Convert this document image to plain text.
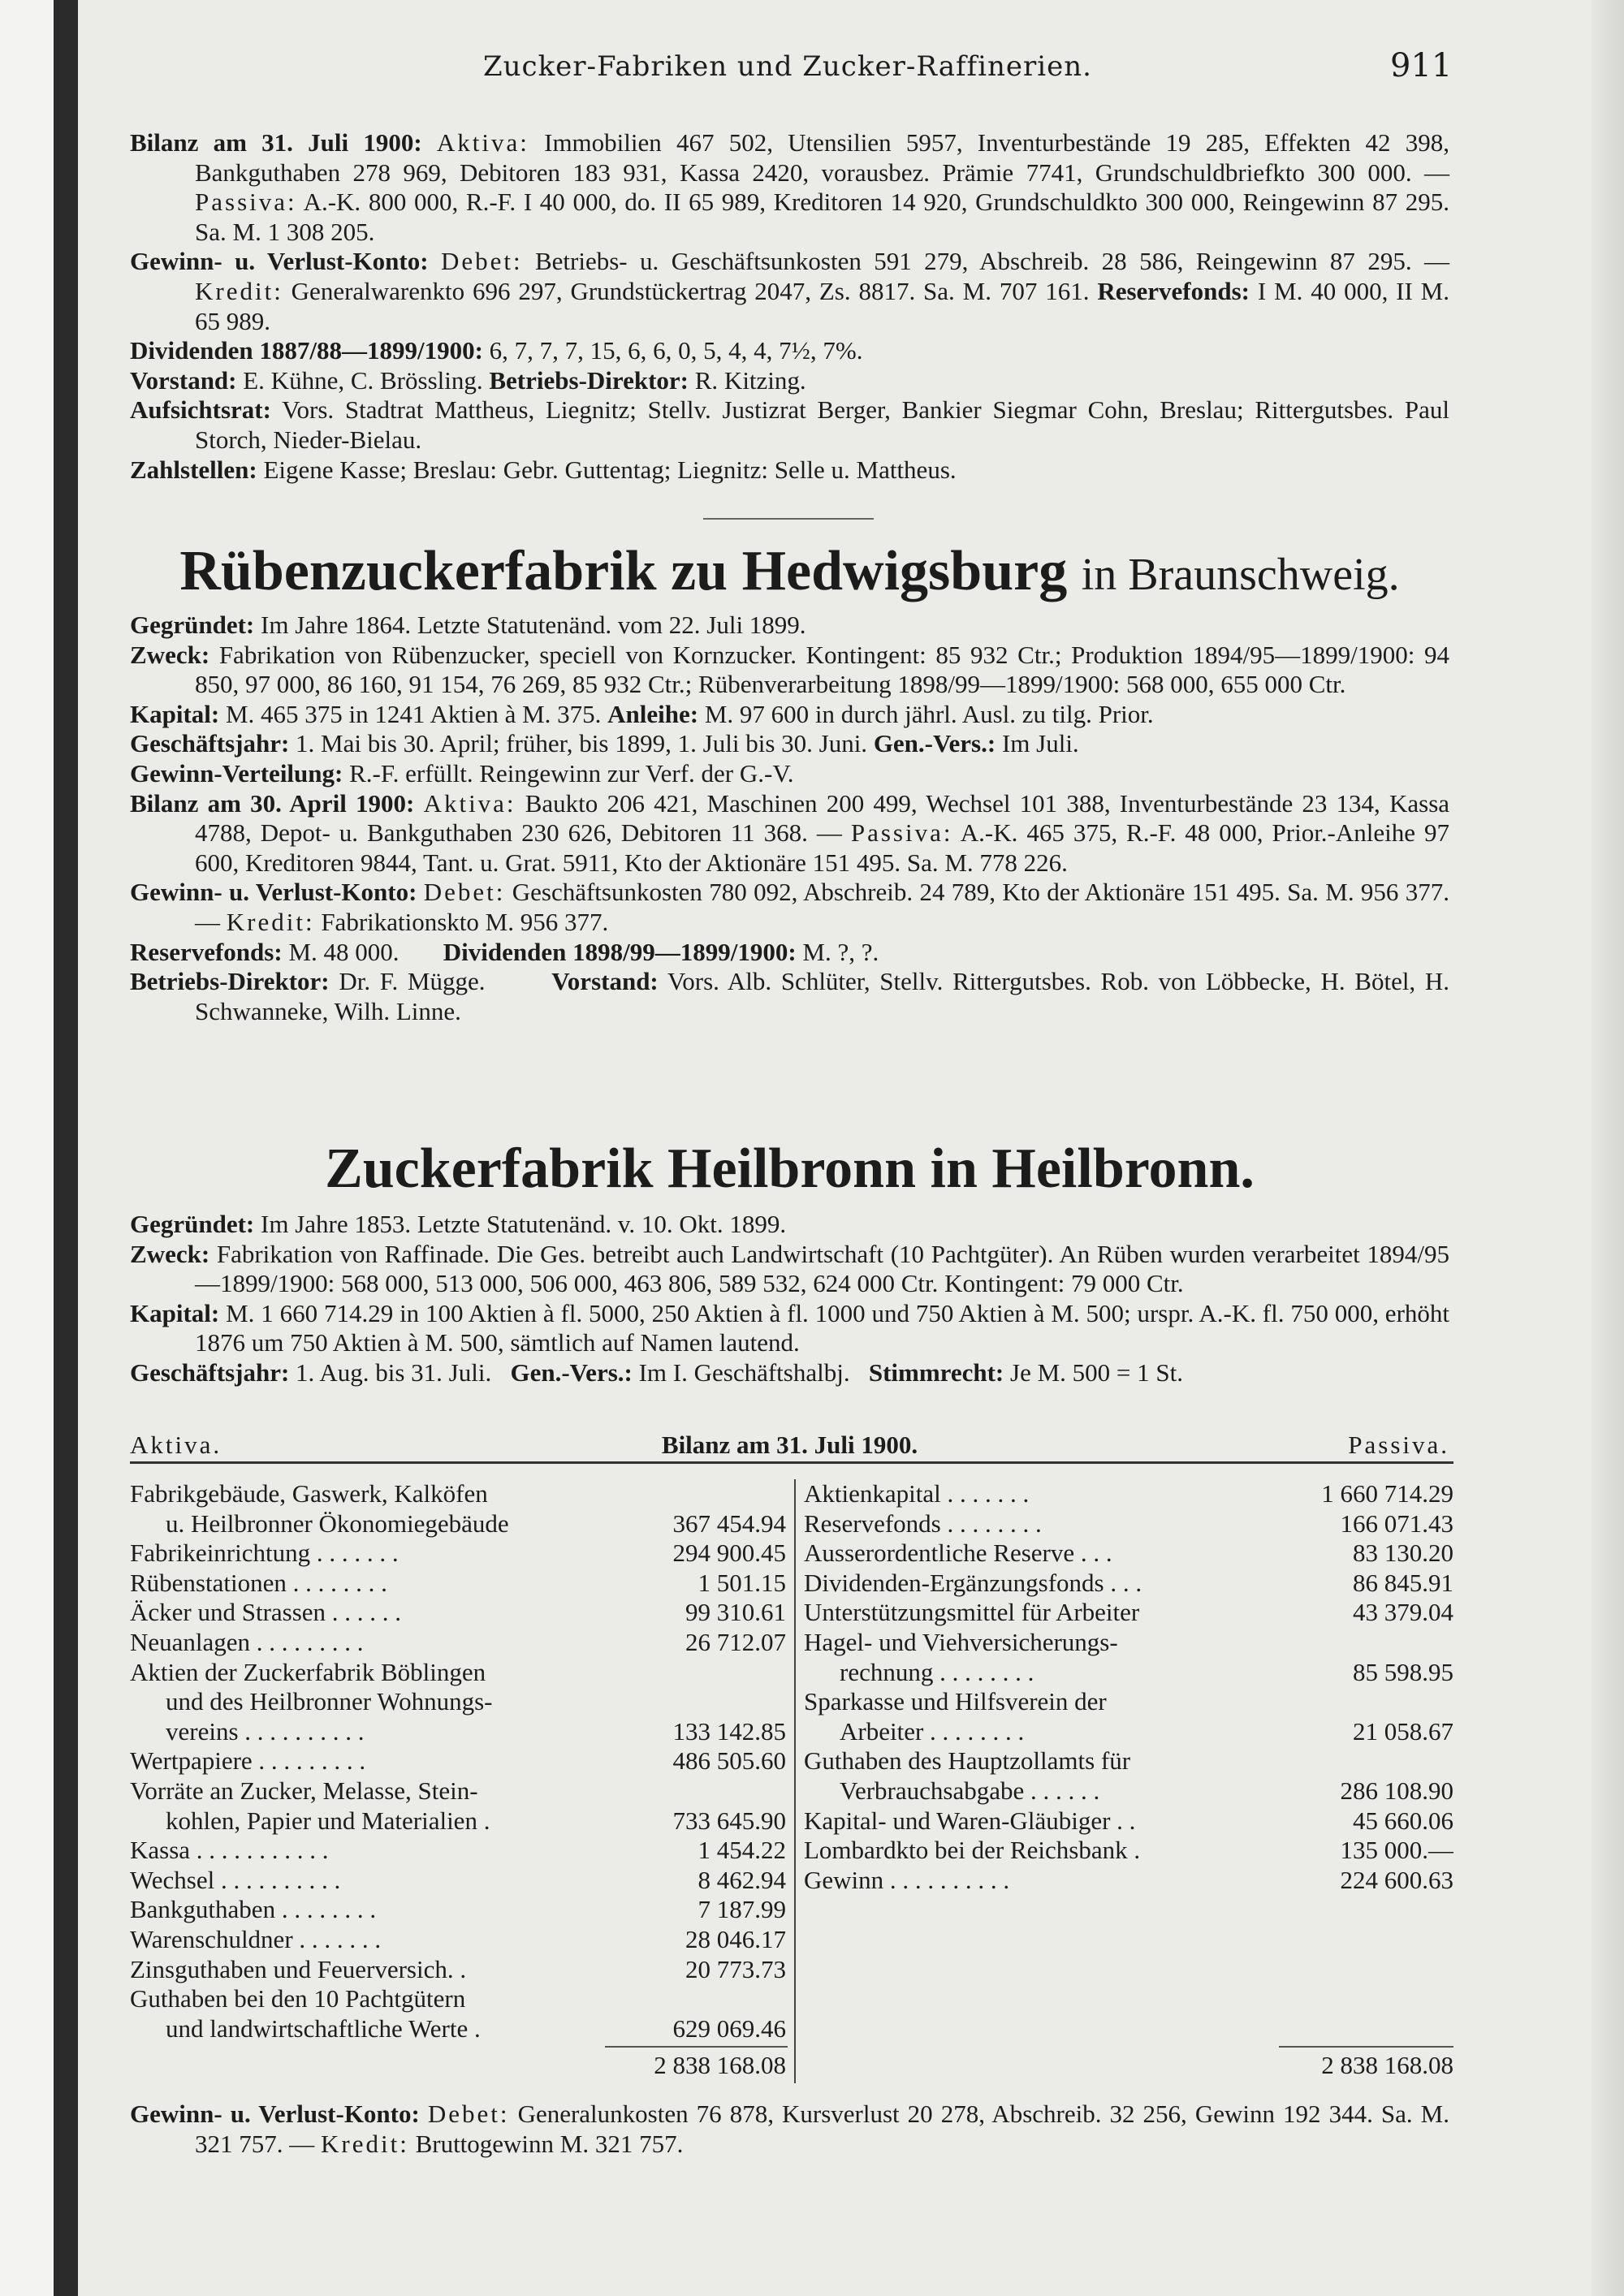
Zucker-Fabriken und Zucker-Raffinerien.	911

Bilanz am 31. Juli 1900: Aktiva: Immobilien 467 502, Utensilien 5957, Inventurbestände 19 285, Effekten 42 398, Bankguthaben 278 969, Debitoren 183 931, Kassa 2420, vorausbez. Prämie 7741, Grundschuldbriefkto 300 000. — Passiva: A.-K. 800 000, R.-F. I 40 000, do. II 65 989, Kreditoren 14 920, Grundschuldkto 300 000, Reingewinn 87 295. Sa. M. 1 308 205.

Gewinn- u. Verlust-Konto: Debet: Betriebs- u. Geschäftsunkosten 591 279, Abschreib. 28 586, Reingewinn 87 295. — Kredit: Generalwarenkto 696 297, Grundstückertrag 2047, Zs. 8817. Sa. M. 707 161. Reservefonds: I M. 40 000, II M. 65 989.

Dividenden 1887/88—1899/1900: 6, 7, 7, 7, 15, 6, 6, 0, 5, 4, 4, 7½, 7%.

Vorstand: E. Kühne, C. Brössling. Betriebs-Direktor: R. Kitzing.

Aufsichtsrat: Vors. Stadtrat Mattheus, Liegnitz; Stellv. Justizrat Berger, Bankier Siegmar Cohn, Breslau; Rittergutsbes. Paul Storch, Nieder-Bielau.

Zahlstellen: Eigene Kasse; Breslau: Gebr. Guttentag; Liegnitz: Selle u. Mattheus.

Rübenzuckerfabrik zu Hedwigsburg in Braunschweig.

Gegründet: Im Jahre 1864. Letzte Statutenänd. vom 22. Juli 1899.

Zweck: Fabrikation von Rübenzucker, speciell von Kornzucker. Kontingent: 85 932 Ctr.; Produktion 1894/95—1899/1900: 94 850, 97 000, 86 160, 91 154, 76 269, 85 932 Ctr.; Rübenverarbeitung 1898/99—1899/1900: 568 000, 655 000 Ctr.

Kapital: M. 465 375 in 1241 Aktien à M. 375. Anleihe: M. 97 600 in durch jährl. Ausl. zu tilg. Prior.

Geschäftsjahr: 1. Mai bis 30. April; früher, bis 1899, 1. Juli bis 30. Juni. Gen.-Vers.: Im Juli.

Gewinn-Verteilung: R.-F. erfüllt. Reingewinn zur Verf. der G.-V.

Bilanz am 30. April 1900: Aktiva: Baukto 206 421, Maschinen 200 499, Wechsel 101 388, Inventurbestände 23 134, Kassa 4788, Depot- u. Bankguthaben 230 626, Debitoren 11 368. — Passiva: A.-K. 465 375, R.-F. 48 000, Prior.-Anleihe 97 600, Kreditoren 9844, Tant. u. Grat. 5911, Kto der Aktionäre 151 495. Sa. M. 778 226.

Gewinn- u. Verlust-Konto: Debet: Geschäftsunkosten 780 092, Abschreib. 24 789, Kto der Aktionäre 151 495. Sa. M. 956 377. — Kredit: Fabrikationskto M. 956 377.

Reservefonds: M. 48 000. Dividenden 1898/99—1899/1900: M. ?, ?.

Betriebs-Direktor: Dr. F. Mügge.	Vorstand: Vors. Alb. Schlüter, Stellv. Rittergutsbes. Rob. von Löbbecke, H. Bötel, H. Schwanneke, Wilh. Linne.

Zuckerfabrik Heilbronn in Heilbronn.

Gegründet: Im Jahre 1853. Letzte Statutenänd. v. 10. Okt. 1899.

Zweck: Fabrikation von Raffinade. Die Ges. betreibt auch Landwirtschaft (10 Pachtgüter). An Rüben wurden verarbeitet 1894/95—1899/1900: 568 000, 513 000, 506 000, 463 806, 589 532, 624 000 Ctr. Kontingent: 79 000 Ctr.

Kapital: M. 1 660 714.29 in 100 Aktien à fl. 5000, 250 Aktien à fl. 1000 und 750 Aktien à M. 500; urspr. A.-K. fl. 750 000, erhöht 1876 um 750 Aktien à M. 500, sämtlich auf Namen lautend.

Geschäftsjahr: 1. Aug. bis 31. Juli. Gen.-Vers.: Im I. Geschäftshalbj. Stimmrecht: Je M. 500 = 1 St.

Aktiva.	Bilanz am 31. Juli 1900.	Passiva.
Fabrikgebäude, Gaswerk, Kalköfen
u. Heilbronner Ökonomiegebäude	367 454.94
Fabrikeinrichtung . . . . . . .	294 900.45
Rübenstationen . . . . . . . .	1 501.15
Äcker und Strassen . . . . . .	99 310.61
Neuanlagen . . . . . . . . .	26 712.07
Aktien der Zuckerfabrik Böblingen
und des Heilbronner Wohnungs-
vereins . . . . . . . . . .	133 142.85
Wertpapiere . . . . . . . . .	486 505.60
Vorräte an Zucker, Melasse, Stein-
kohlen, Papier und Materialien .	733 645.90
Kassa . . . . . . . . . . .	1 454.22
Wechsel . . . . . . . . . .	8 462.94
Bankguthaben . . . . . . . .	7 187.99
Warenschuldner . . . . . . .	28 046.17
Zinsguthaben und Feuerversich. .	20 773.73
Guthaben bei den 10 Pachtgütern
und landwirtschaftliche Werte .	629 069.46
Aktienkapital . . . . . . .	1 660 714.29
Reservefonds . . . . . . . .	166 071.43
Ausserordentliche Reserve . . .	83 130.20
Dividenden-Ergänzungsfonds . . .	86 845.91
Unterstützungsmittel für Arbeiter	43 379.04
Hagel- und Viehversicherungs-
rechnung . . . . . . . .	85 598.95
Sparkasse und Hilfsverein der
Arbeiter . . . . . . . .	21 058.67
Guthaben des Hauptzollamts für
Verbrauchsabgabe . . . . . .	286 108.90
Kapital- und Waren-Gläubiger . .	45 660.06
Lombardkto bei der Reichsbank .	135 000.—
Gewinn . . . . . . . . . .	224 600.63
2 838 168.08	2 838 168.08

Gewinn- u. Verlust-Konto: Debet: Generalunkosten 76 878, Kursverlust 20 278, Abschreib. 32 256, Gewinn 192 344. Sa. M. 321 757. — Kredit: Bruttogewinn M. 321 757.
